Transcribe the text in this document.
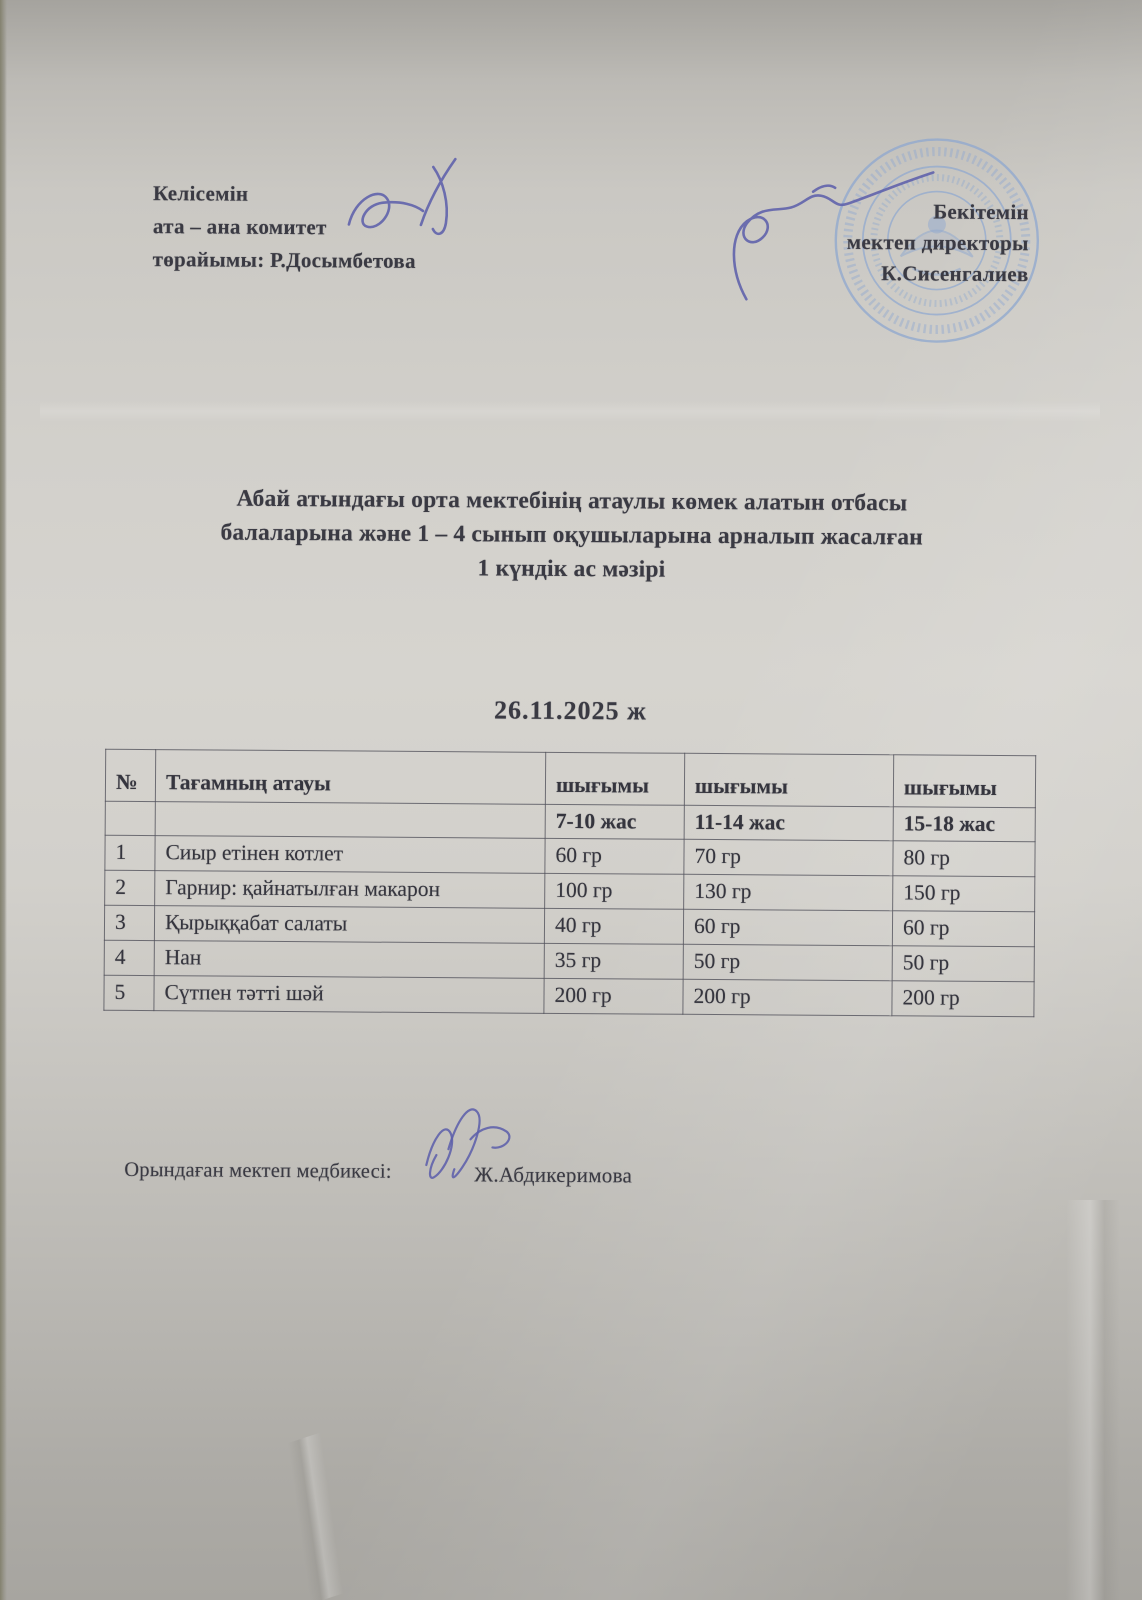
Келісемін
ата – ана комитет
төрайымы: Р.Досымбетова
Бекітемін
мектеп директоры
К.Сисенгалиев
Абай атындағы орта мектебінің атаулы көмек алатын отбасы
балаларына және 1 – 4 сынып оқушыларына арналып жасалған
1 күндік ас мәзірі
26.11.2025 ж
№	Тағамның атауы	шығымы	шығымы	шығымы
		7-10 жас	11-14 жас	15-18 жас
1	Сиыр етінен котлет	60 гр	70 гр	80 гр
2	Гарнир: қайнатылған макарон	100 гр	130 гр	150 гр
3	Қырыққабат салаты	40 гр	60 гр	60 гр
4	Нан	35 гр	50 гр	50 гр
5	Сүтпен тәтті шәй	200 гр	200 гр	200 гр
Орындаған мектеп медбикесі:	Ж.Абдикеримова
